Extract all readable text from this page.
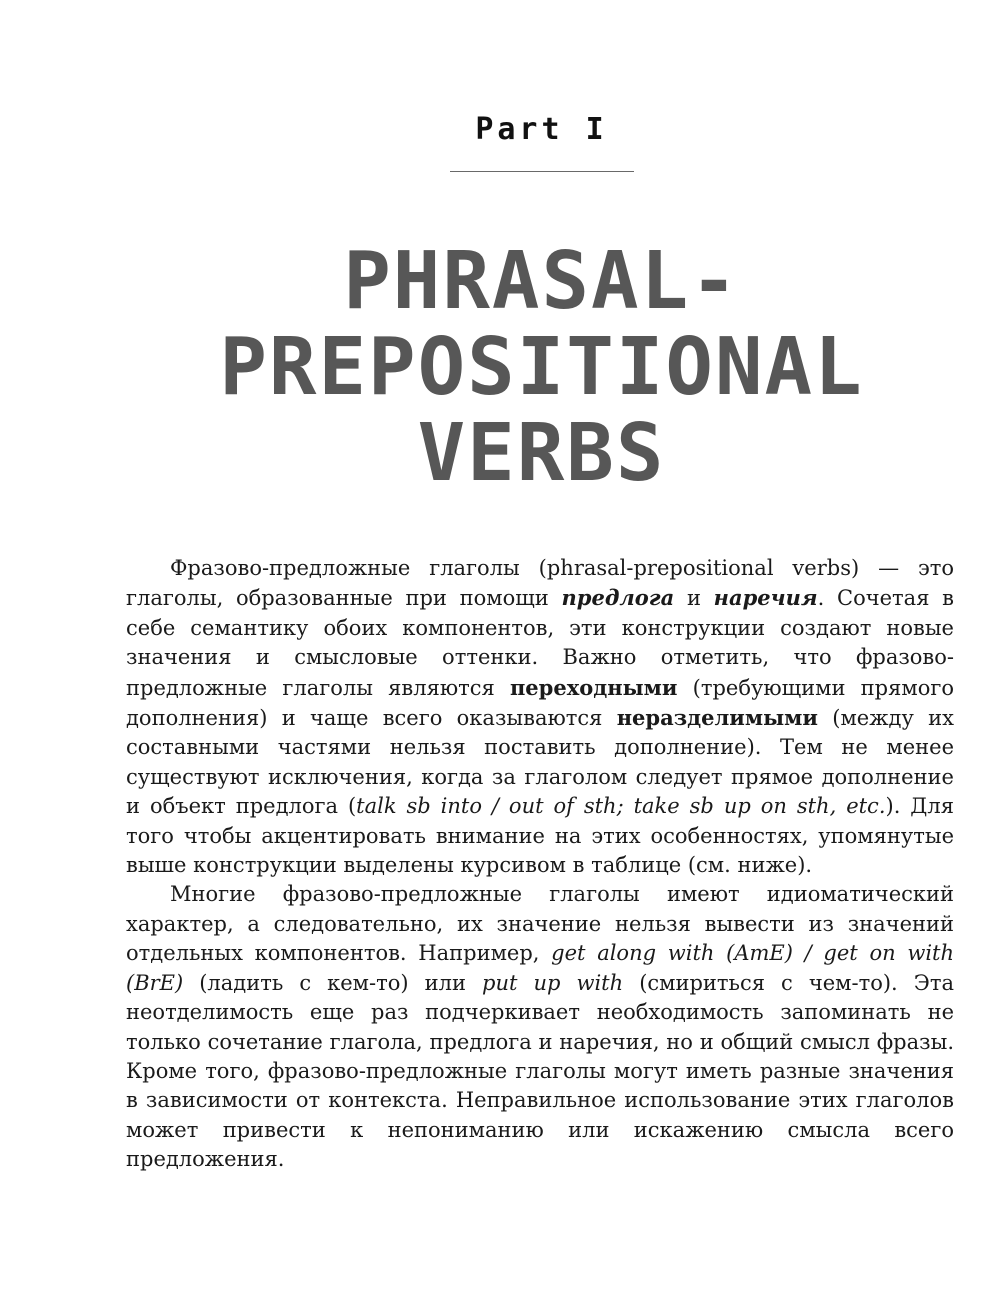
Part I
PHRASAL-
PREPOSITIONAL
VERBS

Фразово-предложные глаголы (phrasal-prepositional verbs) — это глаголы, образованные при помощи предлога и наречия. Сочетая в себе семантику обоих компонентов, эти конструкции создают новые значения и смысловые оттенки. Важно отметить, что фразово-предложные глаголы являются переходными (требующими прямого дополнения) и чаще всего оказываются неразделимыми (между их составными частями нельзя поставить дополнение). Тем не менее существуют исключения, когда за глаголом следует прямое дополнение и объект предлога (talk sb into / out of sth; take sb up on sth, etc.). Для того чтобы акцентировать внимание на этих особенностях, упомянутые выше конструкции выделены курсивом в таблице (см. ниже).

Многие фразово-предложные глаголы имеют идиоматический характер, а следовательно, их значение нельзя вывести из значений отдельных компонентов. Например, get along with (AmE) / get on with (BrE) (ладить с кем-то) или put up with (смириться с чем-то). Эта неотделимость еще раз подчеркивает необходимость запоминать не только сочетание глагола, предлога и наречия, но и общий смысл фразы. Кроме того, фразово-предложные глаголы могут иметь разные значения в зависимости от контекста. Неправильное использование этих глаголов может привести к непониманию или искажению смысла всего предложения.
